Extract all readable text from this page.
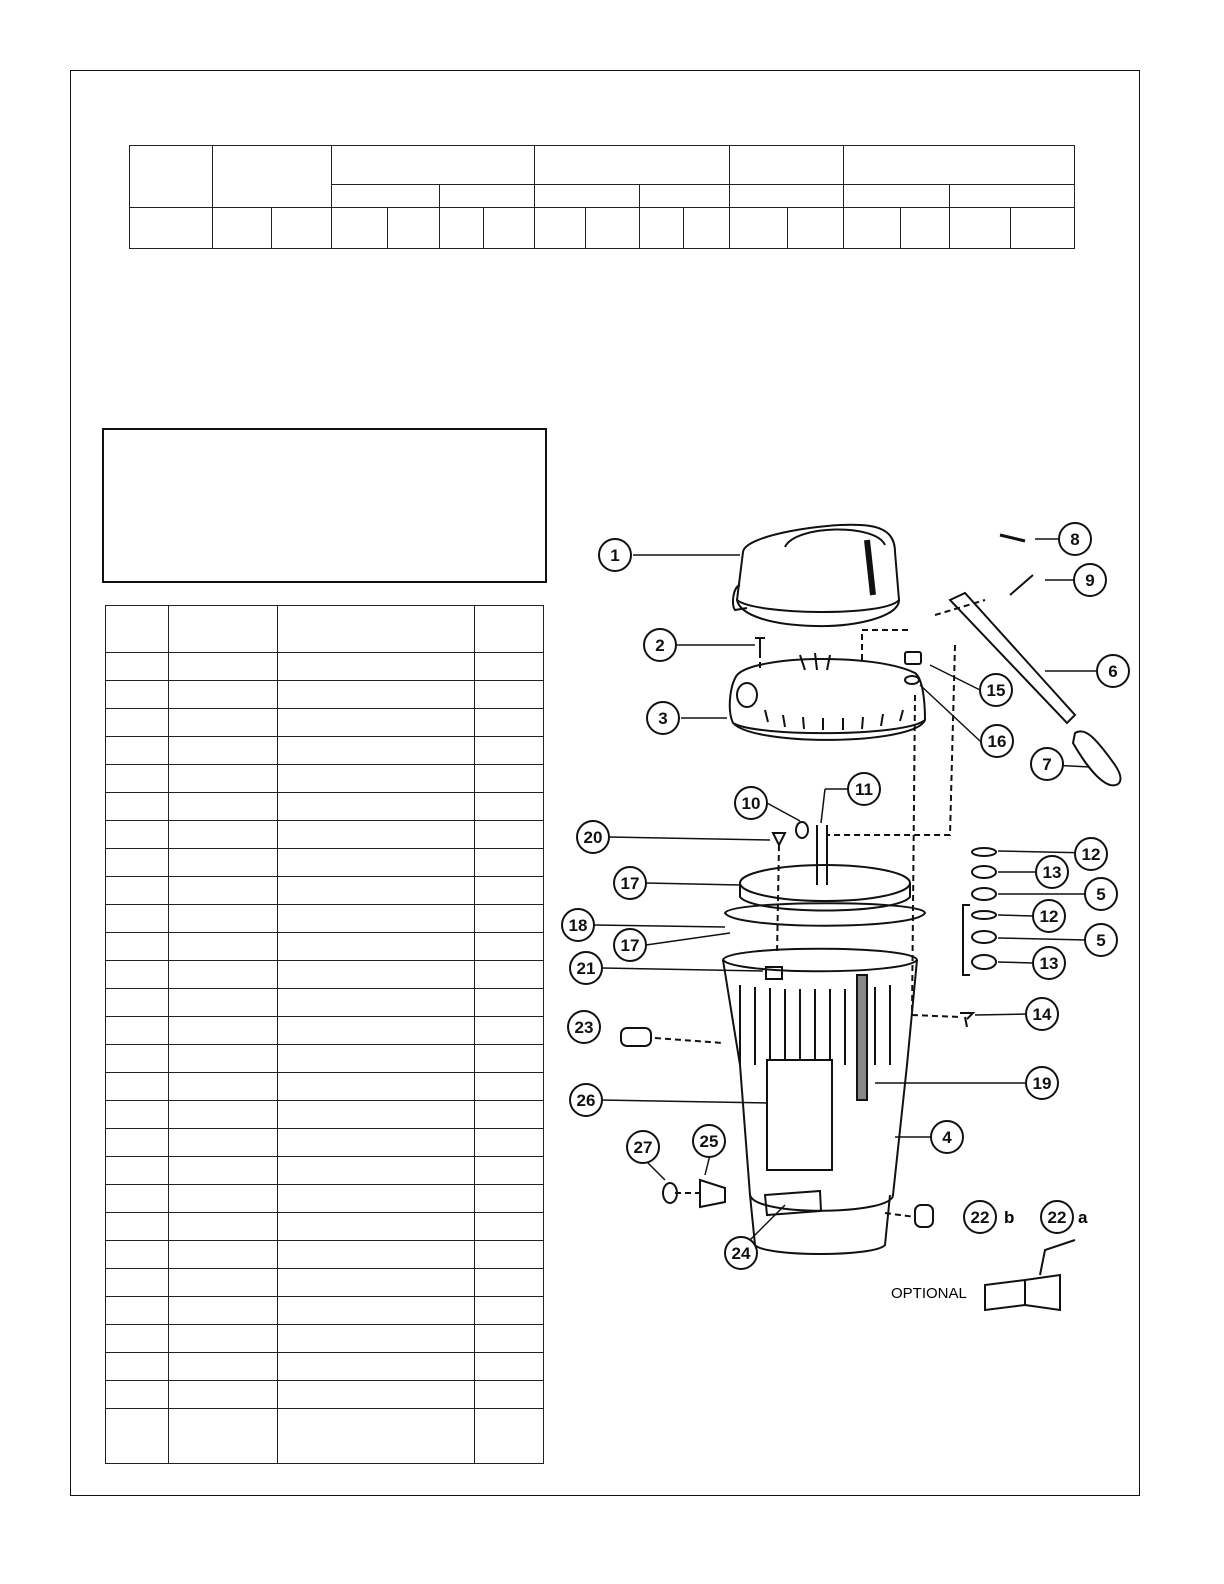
1
2
3
4
5
5
6
7
8
9
10
11
12
12
13
13
14
15
16
17
17
18
19
20
21
22
22
23
24
25
26
27
b	a
OPTIONAL
